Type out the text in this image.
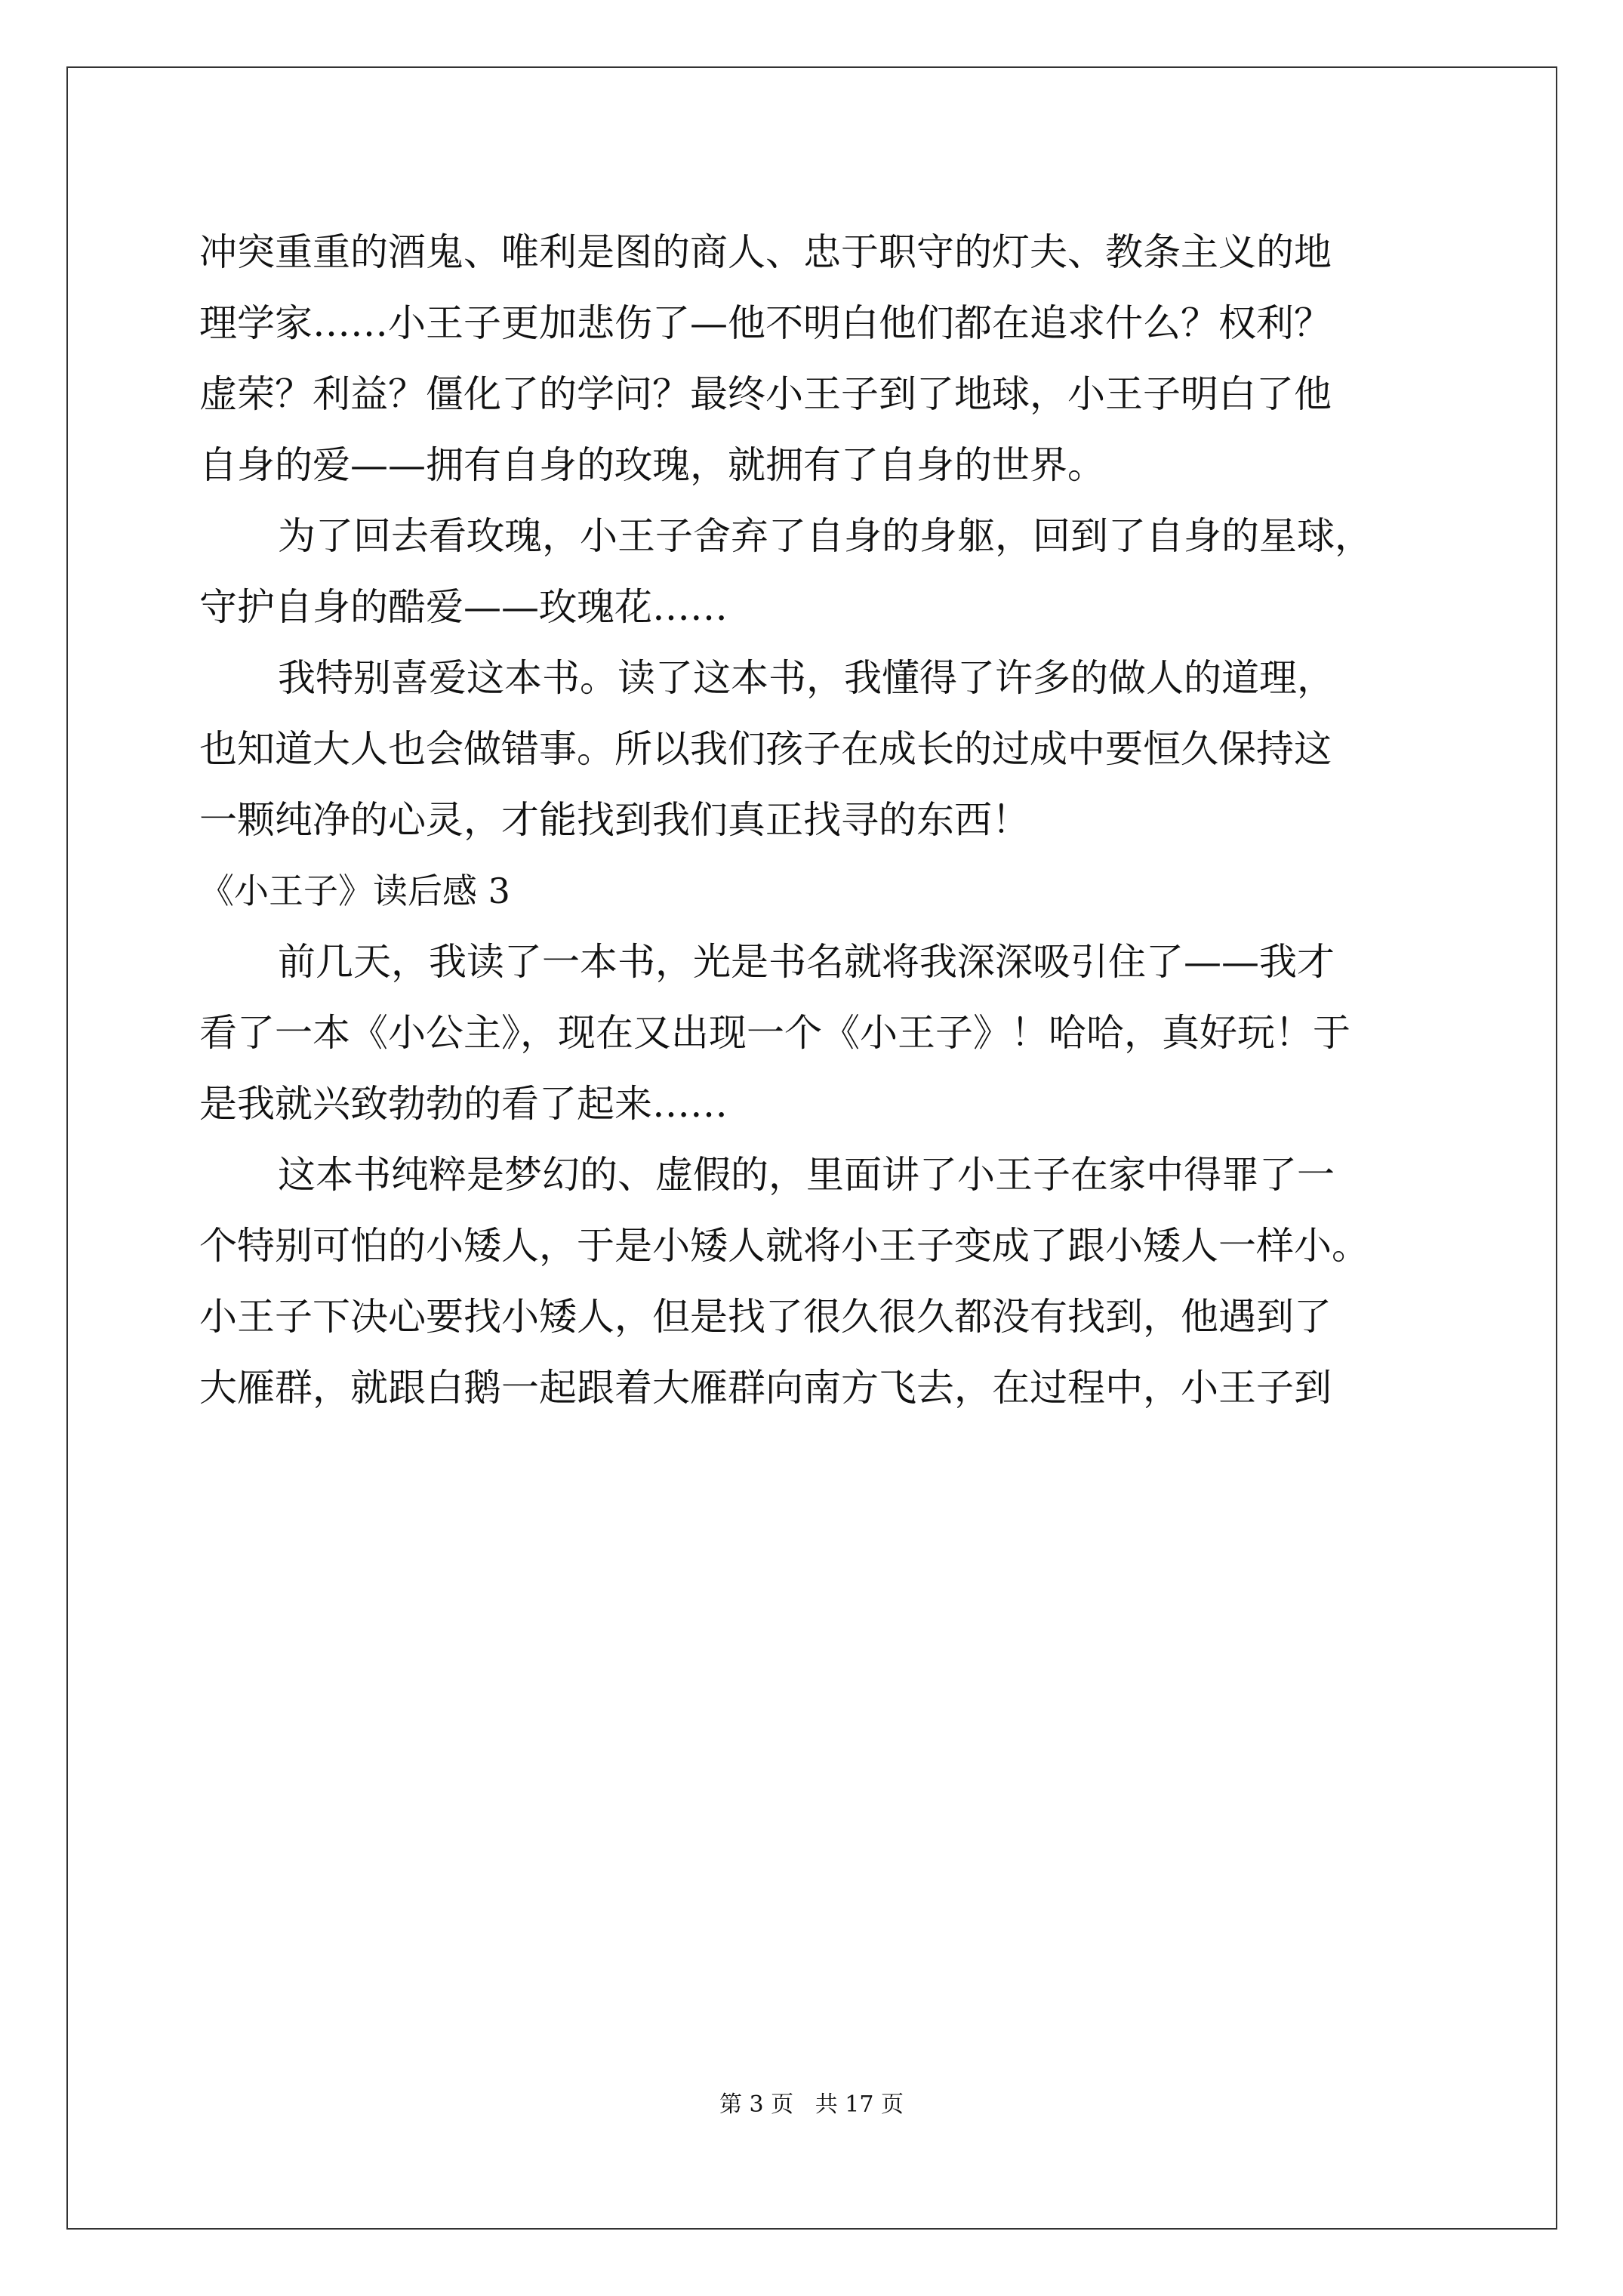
冲突重重的酒鬼、唯利是图的商人、忠于职守的灯夫、教条主义的地

理学家……小王子更加悲伤了—他不明白他们都在追求什么？权利？

虚荣？利益？僵化了的学问？最终小王子到了地球，小王子明白了他

自身的爱——拥有自身的玫瑰，就拥有了自身的世界。

为了回去看玫瑰，小王子舍弃了自身的身躯，回到了自身的星球，

守护自身的酷爱——玫瑰花……

我特别喜爱这本书。读了这本书，我懂得了许多的做人的道理，

也知道大人也会做错事。所以我们孩子在成长的过成中要恒久保持这

一颗纯净的心灵，才能找到我们真正找寻的东西！

《小王子》读后感 3

前几天，我读了一本书，光是书名就将我深深吸引住了——我才

看了一本《小公主》，现在又出现一个《小王子》！哈哈，真好玩！于

是我就兴致勃勃的看了起来……

这本书纯粹是梦幻的、虚假的，里面讲了小王子在家中得罪了一

个特别可怕的小矮人，于是小矮人就将小王子变成了跟小矮人一样小。

小王子下决心要找小矮人，但是找了很久很久都没有找到，他遇到了

大雁群，就跟白鹅一起跟着大雁群向南方飞去，在过程中，小王子到

第 3 页   共 17 页
